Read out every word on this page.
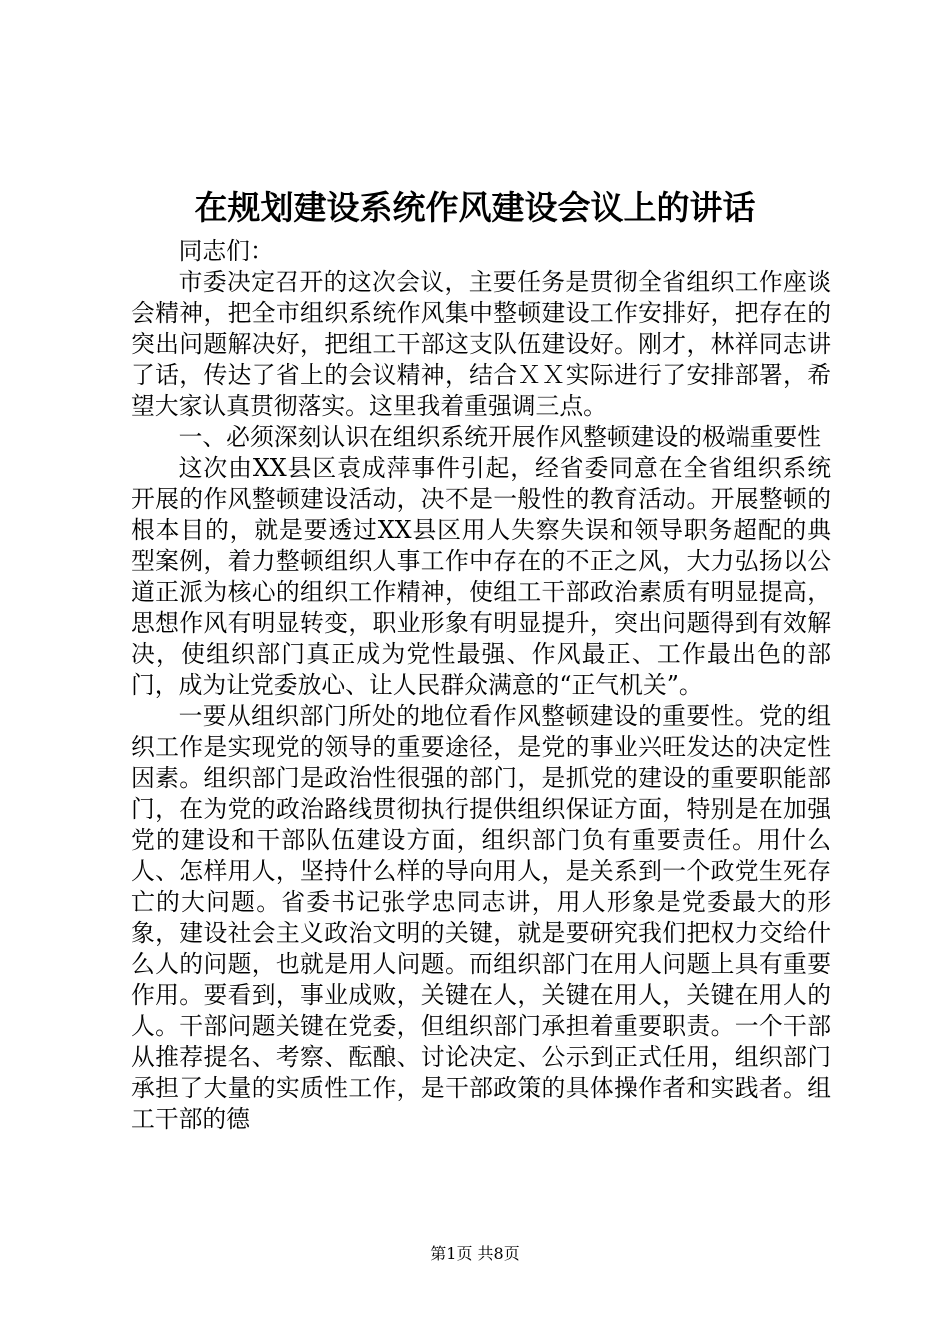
在规划建设系统作风建设会议上的讲话

同志们：

市委决定召开的这次会议，主要任务是贯彻全省组织工作座谈会精神，把全市组织系统作风集中整顿建设工作安排好，把存在的突出问题解决好，把组工干部这支队伍建设好。刚才，林祥同志讲了话，传达了省上的会议精神，结合ＸＸ实际进行了安排部署，希望大家认真贯彻落实。这里我着重强调三点。

一、必须深刻认识在组织系统开展作风整顿建设的极端重要性

这次由XX县区袁成萍事件引起，经省委同意在全省组织系统开展的作风整顿建设活动，决不是一般性的教育活动。开展整顿的根本目的，就是要透过XX县区用人失察失误和领导职务超配的典型案例，着力整顿组织人事工作中存在的不正之风，大力弘扬以公道正派为核心的组织工作精神，使组工干部政治素质有明显提高，思想作风有明显转变，职业形象有明显提升，突出问题得到有效解决，使组织部门真正成为党性最强、作风最正、工作最出色的部门，成为让党委放心、让人民群众满意的“正气机关”。

一要从组织部门所处的地位看作风整顿建设的重要性。党的组织工作是实现党的领导的重要途径，是党的事业兴旺发达的决定性因素。组织部门是政治性很强的部门，是抓党的建设的重要职能部门，在为党的政治路线贯彻执行提供组织保证方面，特别是在加强党的建设和干部队伍建设方面，组织部门负有重要责任。用什么人、怎样用人，坚持什么样的导向用人，是关系到一个政党生死存亡的大问题。省委书记张学忠同志讲，用人形象是党委最大的形象，建设社会主义政治文明的关键，就是要研究我们把权力交给什么人的问题，也就是用人问题。而组织部门在用人问题上具有重要作用。要看到，事业成败，关键在人，关键在用人，关键在用人的人。干部问题关键在党委，但组织部门承担着重要职责。一个干部从推荐提名、考察、酝酿、讨论决定、公示到正式任用，组织部门承担了大量的实质性工作，是干部政策的具体操作者和实践者。组工干部的德

第1页 共8页
